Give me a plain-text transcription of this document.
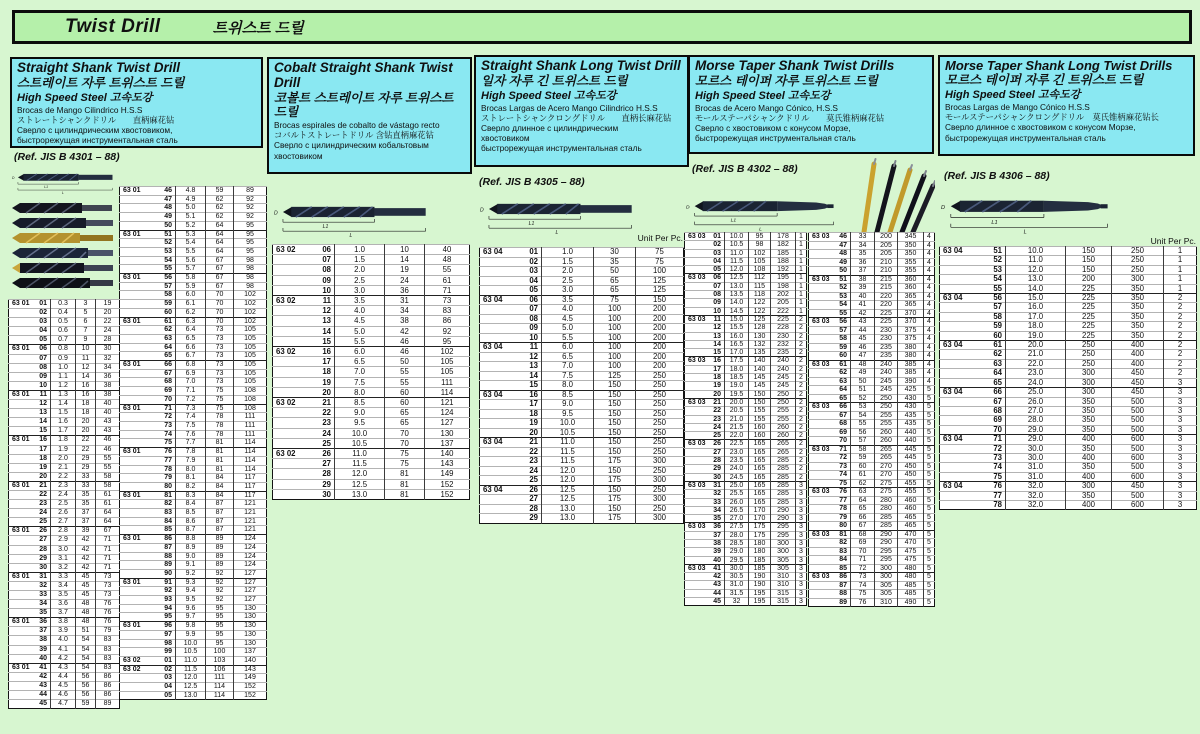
Twist Drill	트위스트 드릴
Straight Shank Twist Drill
스트레이트 자루 트위스트 드릴
High Speed Steel 고속도강
Brocas de Mango Cilindrico H.S.S
ストレートシャンクドリル　　直柄麻花钻
Сверло с цилиндрическим хвостовиком,
быстрорежущая инструментальная сталь
(Ref. JIS B 4301 – 88)
Cobalt Straight Shank Twist Drill
코볼트 스트레이트 자루 트위스트 드릴
Brocas espirales de cobalto de vástago recto
コバルトストレートドリル 含钻直柄麻花钻
Сверло с цилиндрическим кобальтовым
хвостовиком
Straight Shank Long Twist Drill
일자 자루 긴 트위스트 드릴
High Speed Steel 고속도강
Brocas Largas de Acero Mango Cilindrico H.S.S
ストレートシャンクロングドリル　　直柄长麻花钻
Сверло длинное с цилиндрическим
хвостовиком
быстрорежущая инструментальная сталь
(Ref. JIS B 4305 – 88)
Morse Taper Shank Twist Drills
모르스 테이퍼 자루 트위스트 드릴
High Speed Steel 고속도강
Brocas de Acero Mango Cónico, H.S.S
モールステーパシャンクドリル　　莫氏锥柄麻花钻
Сверло с хвостовиком с конусом Морзе,
быстрорежущая инструментальная сталь
(Ref. JIS B 4302 – 88)
Morse Taper Shank Long Twist Drills
모르스 테이퍼 자루 긴 트위스트 드릴
High Speed Steel 고속도강
Brocas Largas de Mango Cónico H.S.S
モールステーパシャンクロングドリル　莫氏锥柄麻花钻长
Сверло длинное с хвостовиком с конусом Морзе,
быстрорежущая инструментальная сталь
(Ref. JIS B 4306 – 88)
Unit Per Pc.	Unit Per Pc.
D
L1
L
D
L1
L
D
L1
L
D
L1
L
D
L1
L
63 01 01	0.3	3	19

02	0.4	5	20

03	0.5	6	22

04	0.6	7	24

05	0.7	9	28
63 01 06	0.8	10	30

07	0.9	11	32

08	1.0	12	34

09	1.1	14	36

10	1.2	16	38
63 01 11	1.3	16	38

12	1.4	18	40

13	1.5	18	40

14	1.6	20	43

15	1.7	20	43
63 01 16	1.8	22	46

17	1.9	22	46

18	2.0	29	55

19	2.1	29	55

20	2.2	33	58
63 01 21	2.3	33	58

22	2.4	35	61

23	2.5	35	61

24	2.6	37	64

25	2.7	37	64
63 01 26	2.8	39	67

27	2.9	42	71

28	3.0	42	71

29	3.1	42	71

30	3.2	42	71
63 01 31	3.3	45	73

32	3.4	45	73

33	3.5	45	73

34	3.6	48	76

35	3.7	48	76
63 01 36	3.8	48	76

37	3.9	51	79

38	4.0	54	83

39	4.1	54	83

40	4.2	54	83
63 01 41	4.3	54	83

42	4.4	56	86

43	4.5	56	86

44	4.6	56	86

45	4.7	59	89
63 01 46	4.8	59	89

47	4.9	62	92

48	5.0	62	92

49	5.1	62	92

50	5.2	64	95
63 01 51	5.3	64	95

52	5.4	64	95

53	5.5	64	95

54	5.6	67	98

55	5.7	67	98
63 01 56	5.8	67	98

57	5.9	67	98

58	6.0	70	102

59	6.1	70	102

60	6.2	70	102
63 01 61	6.3	70	102

62	6.4	73	105

63	6.5	73	105

64	6.6	73	105

65	6.7	73	105
63 01 66	6.8	73	105

67	6.9	73	105

68	7.0	73	105

69	7.1	75	108

70	7.2	75	108
63 01 71	7.3	75	108

72	7.4	78	111

73	7.5	78	111

74	7.6	78	111

75	7.7	81	114
63 01 76	7.8	81	114

77	7.9	81	114

78	8.0	81	114

79	8.1	84	117

80	8.2	84	117
63 01 81	8.3	84	117

82	8.4	87	121

83	8.5	87	121

84	8.6	87	121

85	8.7	87	121
63 01 86	8.8	89	124

87	8.9	89	124

88	9.0	89	124

89	9.1	89	124

90	9.2	92	127
63 01 91	9.3	92	127

92	9.4	92	127

93	9.5	92	127

94	9.6	95	130

95	9.7	95	130
63 01 96	9.8	95	130

97	9.9	95	130

98	10.0	95	130

99	10.5	100	137
63 02 01	11.0	103	140
63 02 02	11.5	106	143

03	12.0	111	149

04	12.5	114	152

05	13.0	114	152
63 02 06	1.0	10	40

07	1.5	14	48

08	2.0	19	55

09	2.5	24	61

10	3.0	36	71
63 02 11	3.5	31	73

12	4.0	34	83

13	4.5	38	86

14	5.0	42	92

15	5.5	46	95
63 02 16	6.0	46	102

17	6.5	50	105

18	7.0	55	105

19	7.5	55	111

20	8.0	60	114
63 02 21	8.5	60	121

22	9.0	65	124

23	9.5	65	127

24	10.0	70	130

25	10.5	70	137
63 02 26	11.0	75	140

27	11.5	75	143

28	12.0	81	149

29	12.5	81	152

30	13.0	81	152
63 04 01	1.0	30	75

02	1.5	35	75

03	2.0	50	100

04	2.5	65	125

05	3.0	65	125
63 04 06	3.5	75	150

07	4.0	100	200

08	4.5	100	200

09	5.0	100	200

10	5.5	100	200
63 04 11	6.0	100	200

12	6.5	100	200

13	7.0	100	200

14	7.5	125	250

15	8.0	150	250
63 04 16	8.5	150	250

17	9.0	150	250

18	9.5	150	250

19	10.0	150	250

20	10.5	150	250
63 04 21	11.0	150	250

22	11.5	150	250

23	11.5	175	300

24	12.0	150	250

25	12.0	175	300
63 04 26	12.5	150	250

27	12.5	175	300

28	13.0	150	250

29	13.0	175	300
63 03 01	10.0	95	178	1

02	10.5	98	182	1

03	11.0	102	185	1

04	11.5	105	188	1

05	12.0	108	192	1
63 03 06	12.5	112	195	1

07	13.0	115	198	1

08	13.5	118	202	1

09	14.0	122	205	1

10	14.5	122	222	1
63 03 11	15.0	125	225	2

12	15.5	128	228	2

13	16.0	130	230	2

14	16.5	132	232	2

15	17.0	135	235	2
63 03 16	17.5	140	240	2

17	18.0	140	240	2

18	18.5	145	245	2

19	19.0	145	245	2

20	19.5	150	250	2
63 03 21	20.0	150	250	2

22	20.5	155	255	2

23	21.0	155	255	2

24	21.5	160	260	2

25	22.0	160	260	2
63 03 26	22.5	165	265	2

27	23.0	165	265	2

28	23.5	165	285	2

29	24.0	165	285	2

30	24.5	165	285	2
63 03 31	25.0	165	285	3

32	25.5	165	285	3

33	26.0	165	285	3

34	26.5	170	290	3

35	27.0	170	290	3
63 03 36	27.5	175	295	3

37	28.0	175	295	3

38	28.5	180	300	3

39	29.0	180	300	3

40	29.5	185	305	3
63 03 41	30.0	185	305	3

42	30.5	190	310	3

43	31.0	190	310	3

44	31.5	195	315	3

45	32	195	315	3
63 03 46	33	200	345	4

47	34	205	350	4

48	35	205	350	4

49	36	210	355	4

50	37	210	355	4
63 03 51	38	215	360	4

52	39	215	360	4

53	40	220	365	4

54	41	220	365	4

55	42	225	370	4
63 03 56	43	225	370	4

57	44	230	375	4

58	45	230	375	4

59	46	235	380	4

60	47	235	380	4
63 03 61	48	240	385	4

62	49	240	385	4

63	50	245	390	4

64	51	245	425	5

65	52	250	430	5
63 03 66	53	250	430	5

67	54	255	435	5

68	55	255	435	5

69	56	260	440	5

70	57	260	440	5
63 03 71	58	265	445	5

72	59	265	445	5

73	60	270	450	5

74	61	270	450	5

75	62	275	455	5
63 03 76	63	275	455	5

77	64	280	460	5

78	65	280	460	5

79	66	285	465	5

80	67	285	465	5
63 03 81	68	290	470	5

82	69	290	470	5

83	70	295	475	5

84	71	295	475	5

85	72	300	480	5
63 03 86	73	300	480	5

87	74	305	485	5

88	75	305	485	5

89	76	310	490	5
63 04 51	10.0	150	250	1

52	11.0	150	250	1

53	12.0	150	250	1

54	13.0	200	300	1

55	14.0	225	350	1
63 04 56	15.0	225	350	2

57	16.0	225	350	2

58	17.0	225	350	2

59	18.0	225	350	2

60	19.0	225	350	2
63 04 61	20.0	250	400	2

62	21.0	250	400	2

63	22.0	250	400	2

64	23.0	300	450	2

65	24.0	300	450	3
63 04 66	25.0	300	450	3

67	26.0	350	500	3

68	27.0	350	500	3

69	28.0	350	500	3

70	29.0	350	500	3
63 04 71	29.0	400	600	3

72	30.0	350	500	3

73	30.0	400	600	3

74	31.0	350	500	3

75	31.0	400	600	3
63 04 76	32.0	300	450	3

77	32.0	350	500	3

78	32.0	400	600	3
